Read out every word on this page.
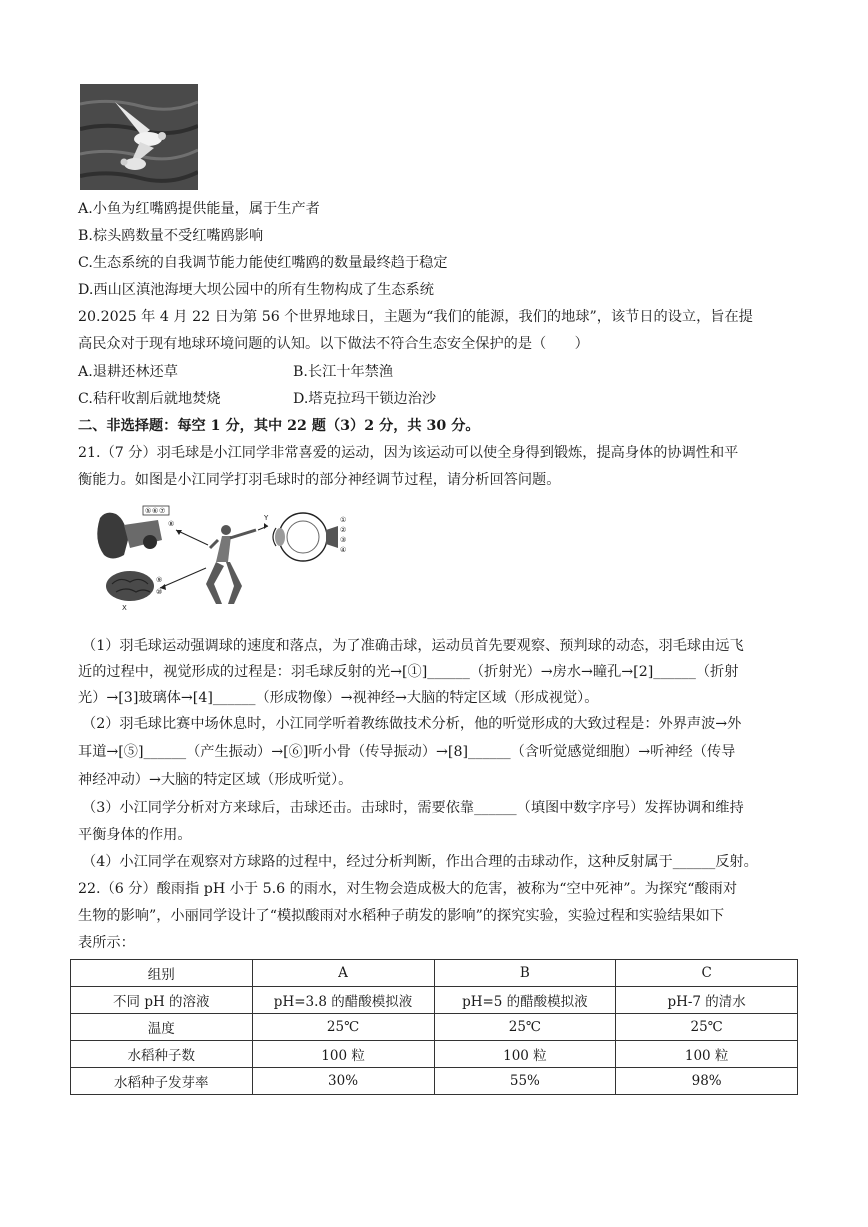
A.小鱼为红嘴鸥提供能量，属于生产者
B.棕头鸥数量不受红嘴鸥影响
C.生态系统的自我调节能力能使红嘴鸥的数量最终趋于稳定
D.西山区滇池海埂大坝公园中的所有生物构成了生态系统
20.2025 年 4 月 22 日为第 56 个世界地球日，主题为“我们的能源，我们的地球”，该节日的设立，旨在提
高民众对于现有地球环境问题的认知。以下做法不符合生态安全保护的是（　　）
A.退耕还林还草	B.长江十年禁渔
C.秸秆收割后就地焚烧	D.塔克拉玛干锁边治沙
二、非选择题：每空 1 分，其中 22 题（3）2 分，共 30 分。
21.（7 分）羽毛球是小江同学非常喜爱的运动，因为该运动可以使全身得到锻炼，提高身体的协调性和平
衡能力。如图是小江同学打羽毛球时的部分神经调节过程，请分析回答问题。
⑤ ⑥ ⑦
⑧
⑨
⑩
X
①
②
③
④
Y
（1）羽毛球运动强调球的速度和落点，为了准确击球，运动员首先要观察、预判球的动态，羽毛球由远飞
近的过程中，视觉形成的过程是：羽毛球反射的光→[①]______（折射光）→房水→瞳孔→[2]______（折射
光）→[3]玻璃体→[4]______（形成物像）→视神经→大脑的特定区域（形成视觉）。
（2）羽毛球比赛中场休息时，小江同学听着教练做技术分析，他的听觉形成的大致过程是：外界声波→外
耳道→[⑤]______（产生振动）→[⑥]听小骨（传导振动）→[8]______（含听觉感觉细胞）→听神经（传导
神经冲动）→大脑的特定区域（形成听觉）。
（3）小江同学分析对方来球后，击球还击。击球时，需要依靠______（填图中数字序号）发挥协调和维持
平衡身体的作用。
（4）小江同学在观察对方球路的过程中，经过分析判断，作出合理的击球动作，这种反射属于______反射。
22.（6 分）酸雨指 pH 小于 5.6 的雨水，对生物会造成极大的危害，被称为“空中死神”。为探究“酸雨对
生物的影响”，小丽同学设计了“模拟酸雨对水稻种子萌发的影响”的探究实验，实验过程和实验结果如下
表所示：
组别	A	B	C
不同 pH 的溶液	pH=3.8 的醋酸模拟液	pH=5 的醋酸模拟液	pH-7 的清水
温度	25℃	25℃	25℃
水稻种子数	100 粒	100 粒	100 粒
水稻种子发芽率	30%	55%	98%
